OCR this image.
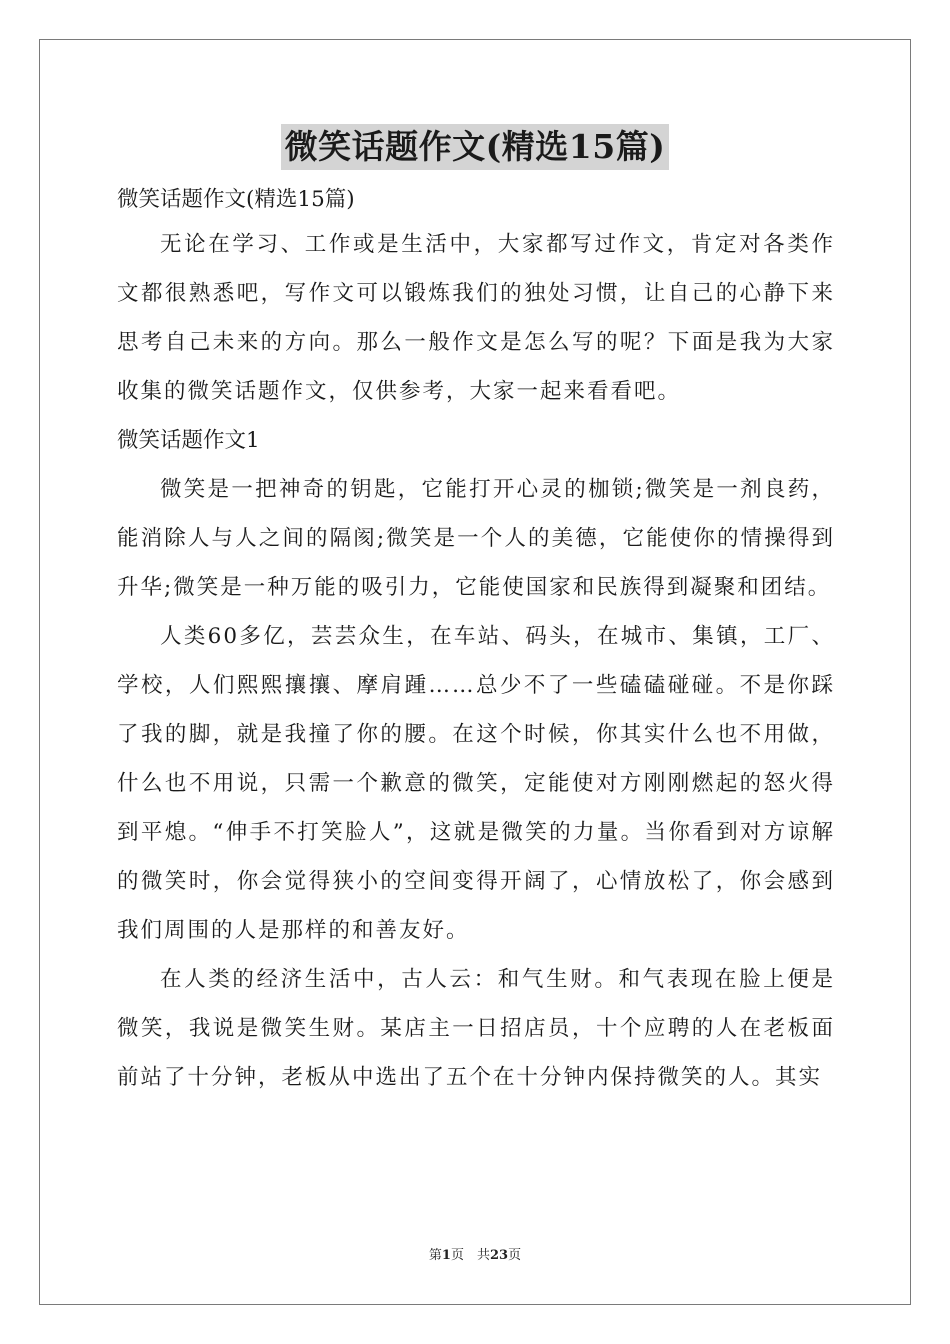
微笑话题作文(精选15篇)

微笑话题作文(精选15篇)

无论在学习、工作或是生活中，大家都写过作文，肯定对各类作文都很熟悉吧，写作文可以锻炼我们的独处习惯，让自己的心静下来思考自己未来的方向。那么一般作文是怎么写的呢？下面是我为大家收集的微笑话题作文，仅供参考，大家一起来看看吧。

微笑话题作文1

微笑是一把神奇的钥匙，它能打开心灵的枷锁;微笑是一剂良药，能消除人与人之间的隔阂;微笑是一个人的美德，它能使你的情操得到升华;微笑是一种万能的吸引力，它能使国家和民族得到凝聚和团结。

人类60多亿，芸芸众生，在车站、码头，在城市、集镇，工厂、学校，人们熙熙攘攘、摩肩踵……总少不了一些磕磕碰碰。不是你踩了我的脚，就是我撞了你的腰。在这个时候，你其实什么也不用做，什么也不用说，只需一个歉意的微笑，定能使对方刚刚燃起的怒火得到平熄。“伸手不打笑脸人”，这就是微笑的力量。当你看到对方谅解的微笑时，你会觉得狭小的空间变得开阔了，心情放松了，你会感到我们周围的人是那样的和善友好。

在人类的经济生活中，古人云：和气生财。和气表现在脸上便是微笑，我说是微笑生财。某店主一日招店员，十个应聘的人在老板面前站了十分钟，老板从中选出了五个在十分钟内保持微笑的人。其实

第1页　共23页
